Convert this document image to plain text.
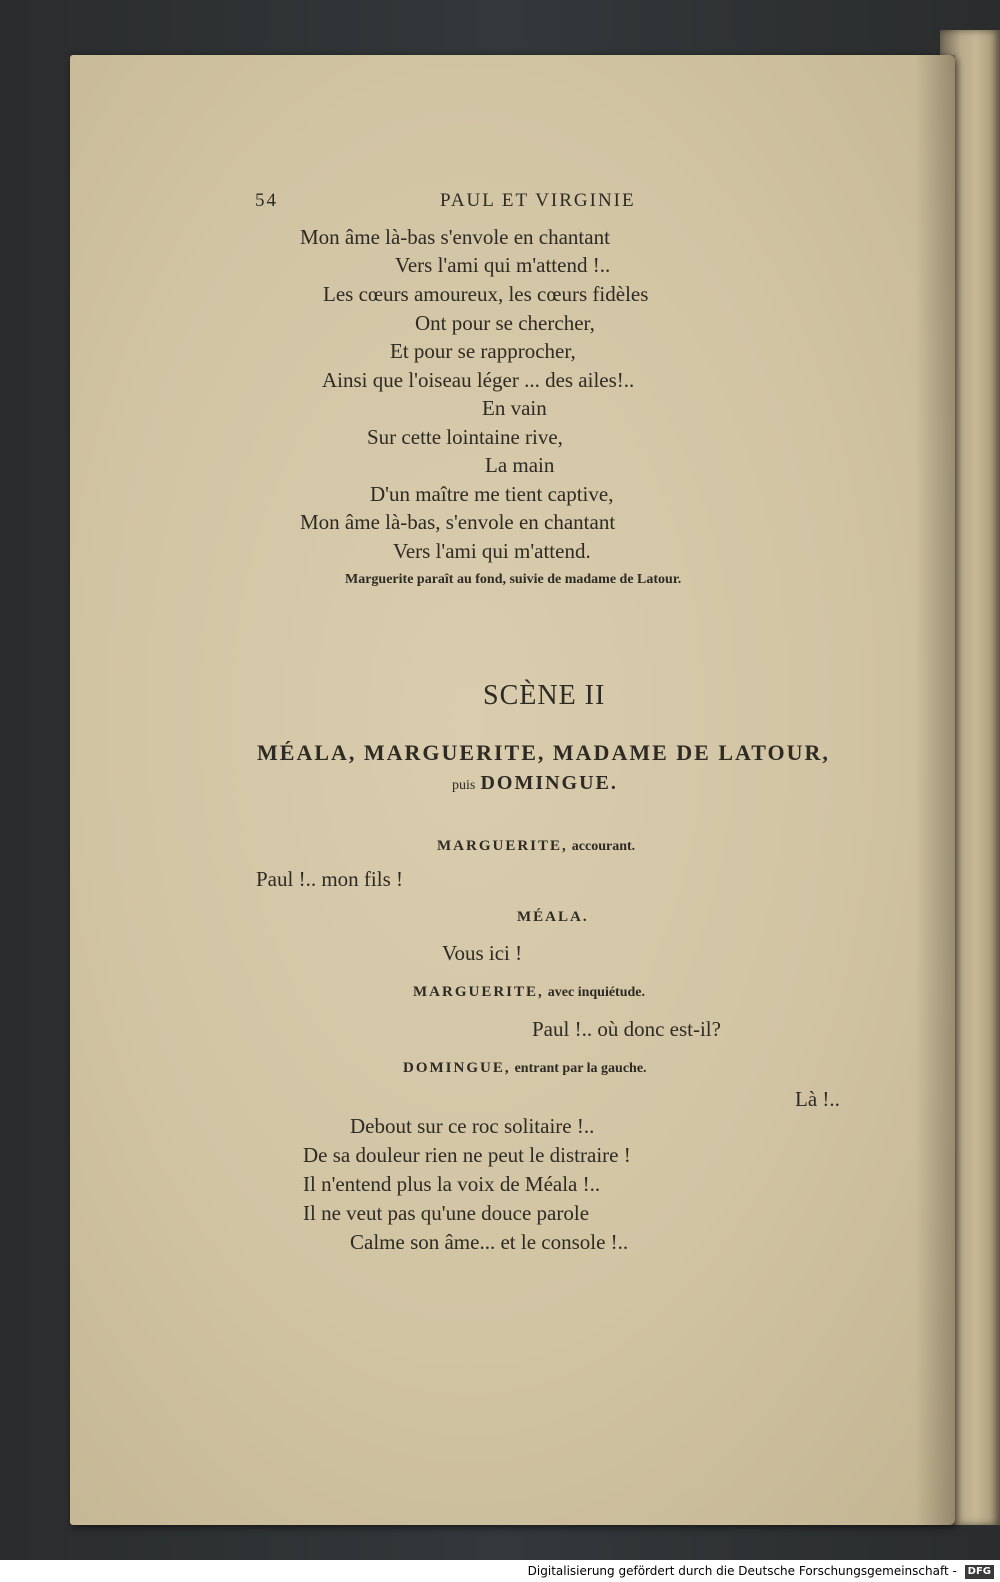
54	PAUL ET VIRGINIE
Mon âme là-bas s'envole en chantant
Vers l'ami qui m'attend !..
Les cœurs amoureux, les cœurs fidèles
Ont pour se chercher,
Et pour se rapprocher,
Ainsi que l'oiseau léger ... des ailes!..
En vain
Sur cette lointaine rive,
La main
D'un maître me tient captive,
Mon âme là-bas, s'envole en chantant
Vers l'ami qui m'attend.
Marguerite paraît au fond, suivie de madame de Latour.
SCÈNE II
MÉALA, MARGUERITE, MADAME DE LATOUR,
puis DOMINGUE.
MARGUERITE, accourant.
Paul !.. mon fils !
MÉALA.
Vous ici !
MARGUERITE, avec inquiétude.
Paul !.. où donc est-il?
DOMINGUE, entrant par la gauche.
Là !..
Debout sur ce roc solitaire !..
De sa douleur rien ne peut le distraire !
Il n'entend plus la voix de Méala !..
Il ne veut pas qu'une douce parole
Calme son âme... et le console !..
Digitalisierung gefördert durch die Deutsche Forschungsgemeinschaft - DFG
